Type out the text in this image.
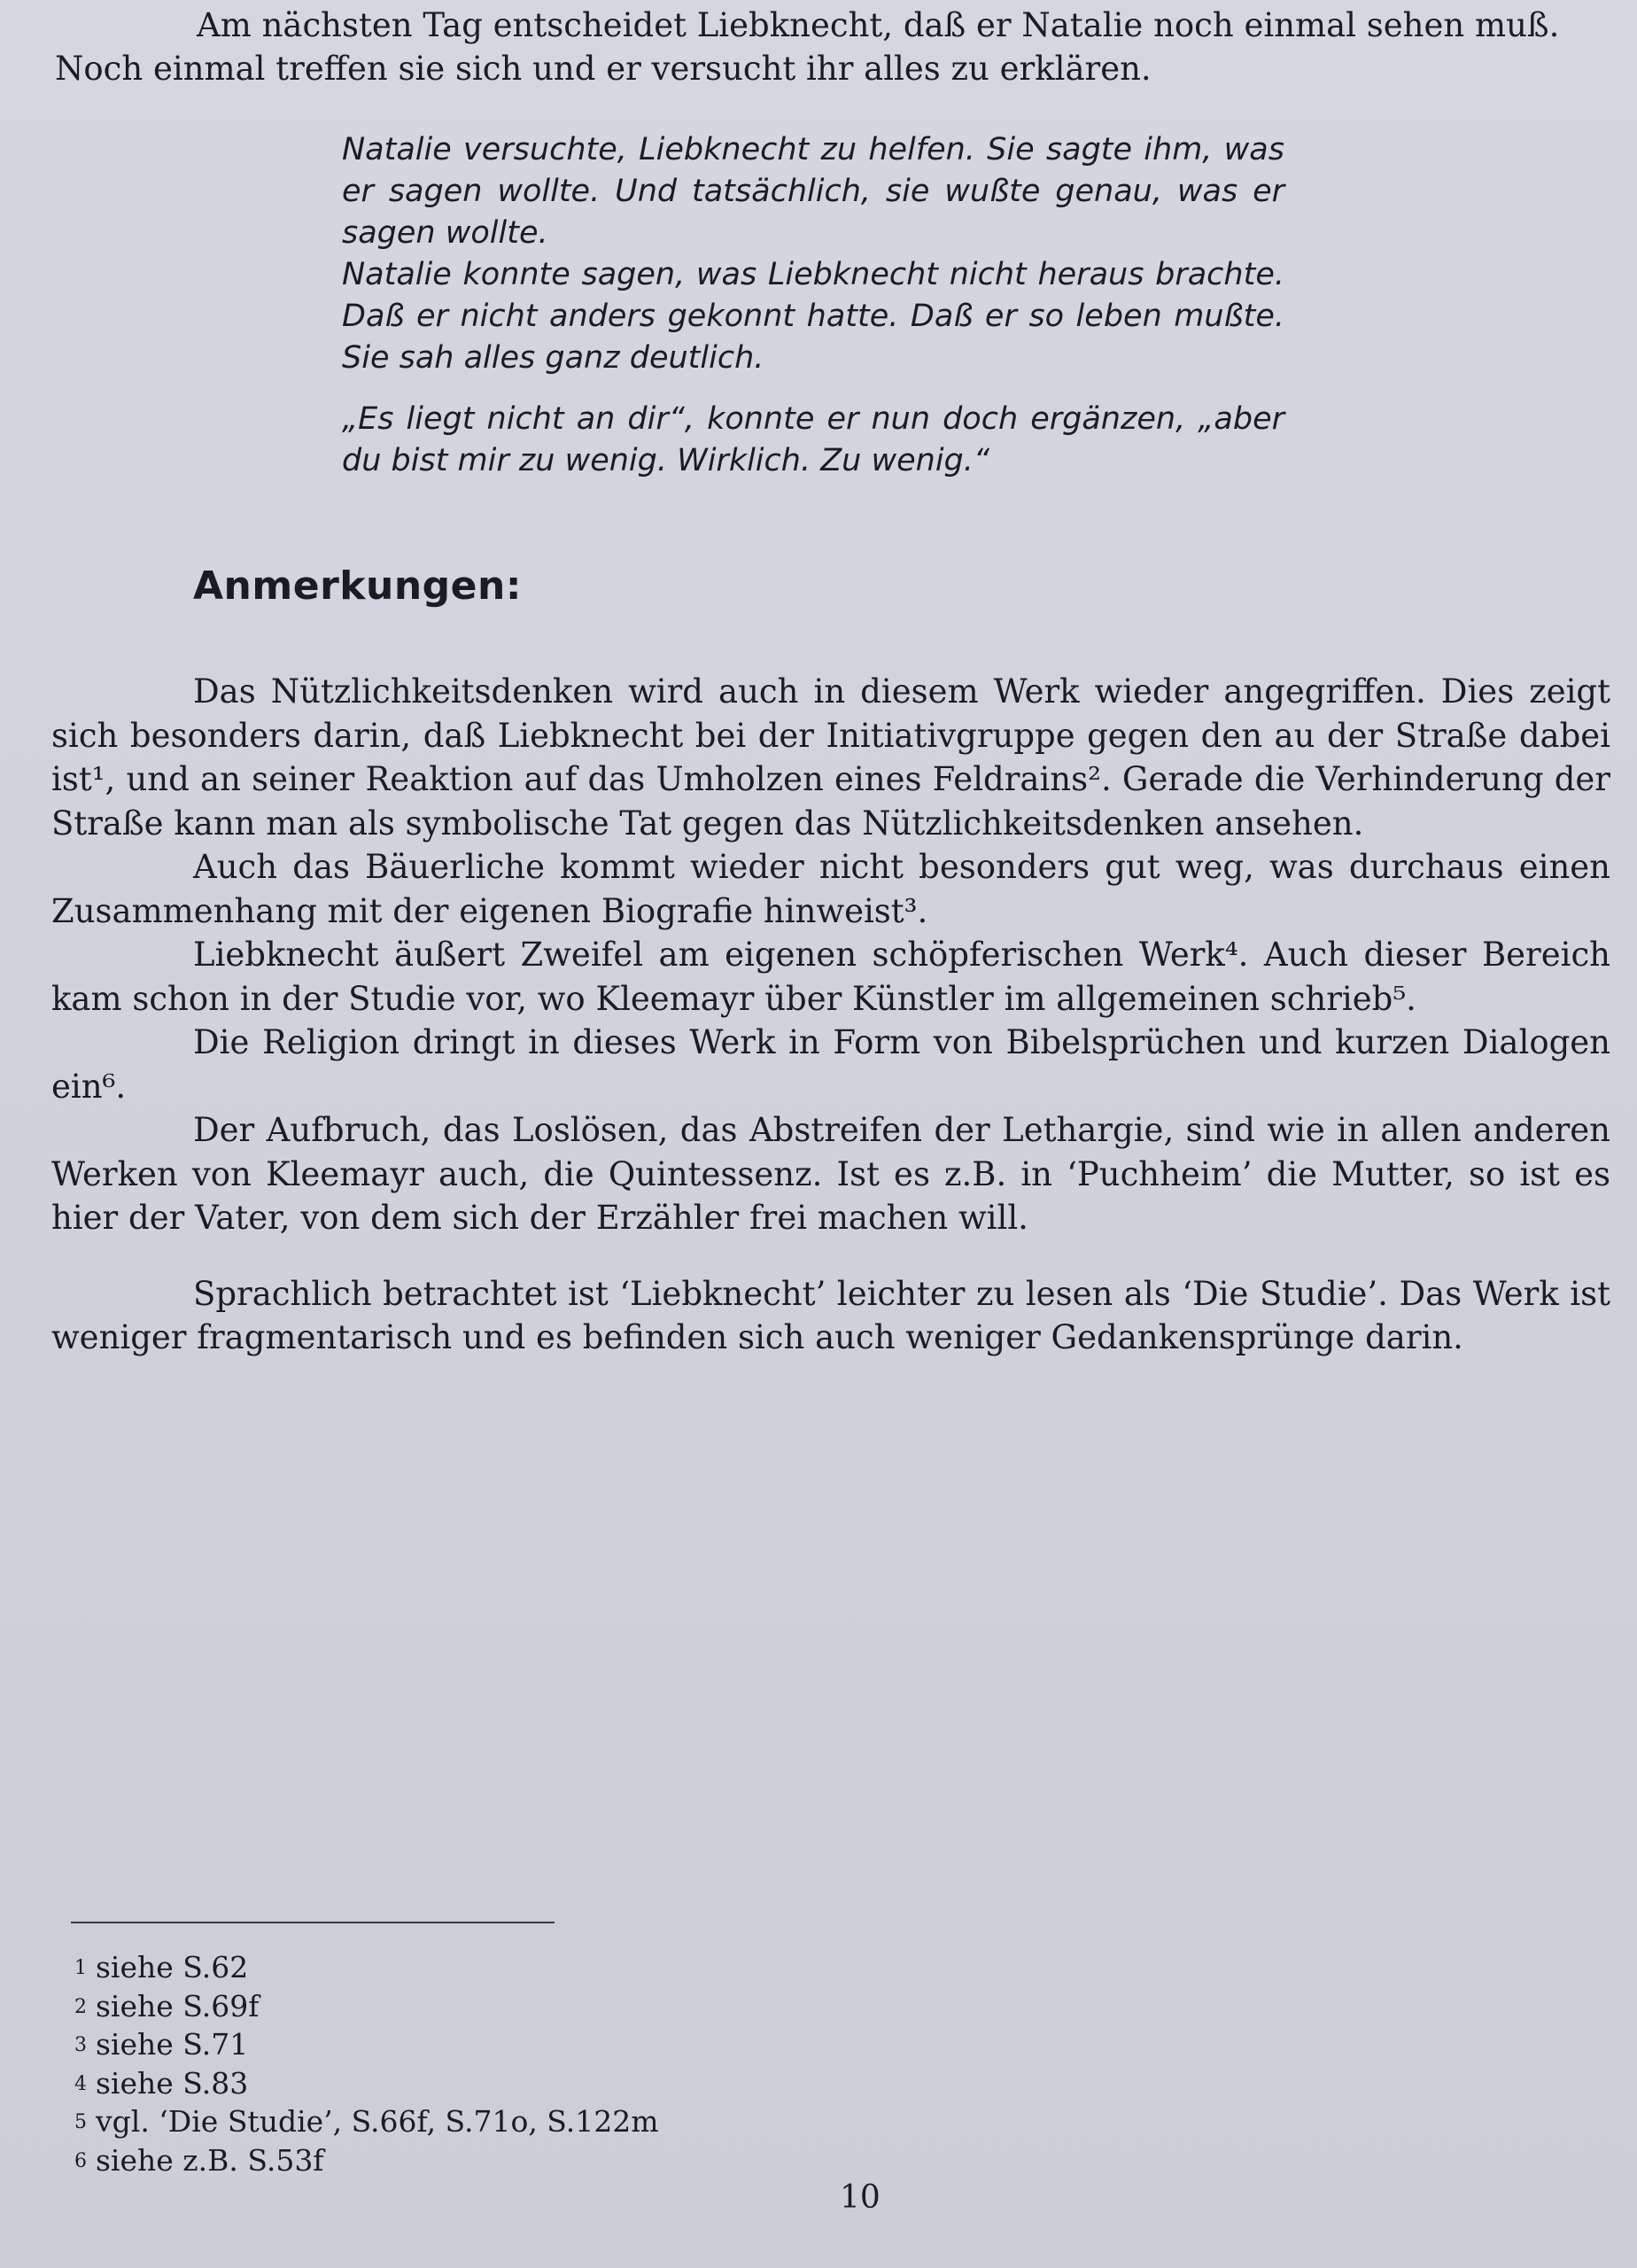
Am nächsten Tag entscheidet Liebknecht, daß er Natalie noch einmal sehen muß. Noch einmal treffen sie sich und er versucht ihr alles zu erklären.

Natalie versuchte, Liebknecht zu helfen. Sie sagte ihm, was er sagen wollte. Und tatsächlich, sie wußte genau, was er sagen wollte.

Natalie konnte sagen, was Liebknecht nicht heraus brachte. Daß er nicht anders gekonnt hatte. Daß er so leben mußte. Sie sah alles ganz deutlich.

„Es liegt nicht an dir“, konnte er nun doch ergänzen, „aber du bist mir zu wenig. Wirklich. Zu wenig.“

Anmerkungen:

Das Nützlichkeitsdenken wird auch in diesem Werk wieder angegriffen. Dies zeigt sich besonders darin, daß Liebknecht bei der Initiativgruppe gegen den au der Straße dabei ist¹, und an seiner Reaktion auf das Umholzen eines Feldrains². Gerade die Verhinderung der Straße kann man als symbolische Tat gegen das Nützlichkeitsdenken ansehen.

Auch das Bäuerliche kommt wieder nicht besonders gut weg, was durchaus einen Zusammenhang mit der eigenen Biografie hinweist³.

Liebknecht äußert Zweifel am eigenen schöpferischen Werk⁴. Auch dieser Bereich kam schon in der Studie vor, wo Kleemayr über Künstler im allgemeinen schrieb⁵.

Die Religion dringt in dieses Werk in Form von Bibelsprüchen und kurzen Dialogen ein⁶.

Der Aufbruch, das Loslösen, das Abstreifen der Lethargie, sind wie in allen anderen Werken von Kleemayr auch, die Quintessenz. Ist es z.B. in ‘Puchheim’ die Mutter, so ist es hier der Vater, von dem sich der Erzähler frei machen will.

Sprachlich betrachtet ist ‘Liebknecht’ leichter zu lesen als ‘Die Studie’. Das Werk ist weniger fragmentarisch und es befinden sich auch weniger Gedankensprünge darin.

$^1$ siehe S.62
$^2$ siehe S.69f
$^3$ siehe S.71
$^4$ siehe S.83
$^5$ vgl. ‘Die Studie’, S.66f, S.71o, S.122m
$^6$ siehe z.B. S.53f
10
